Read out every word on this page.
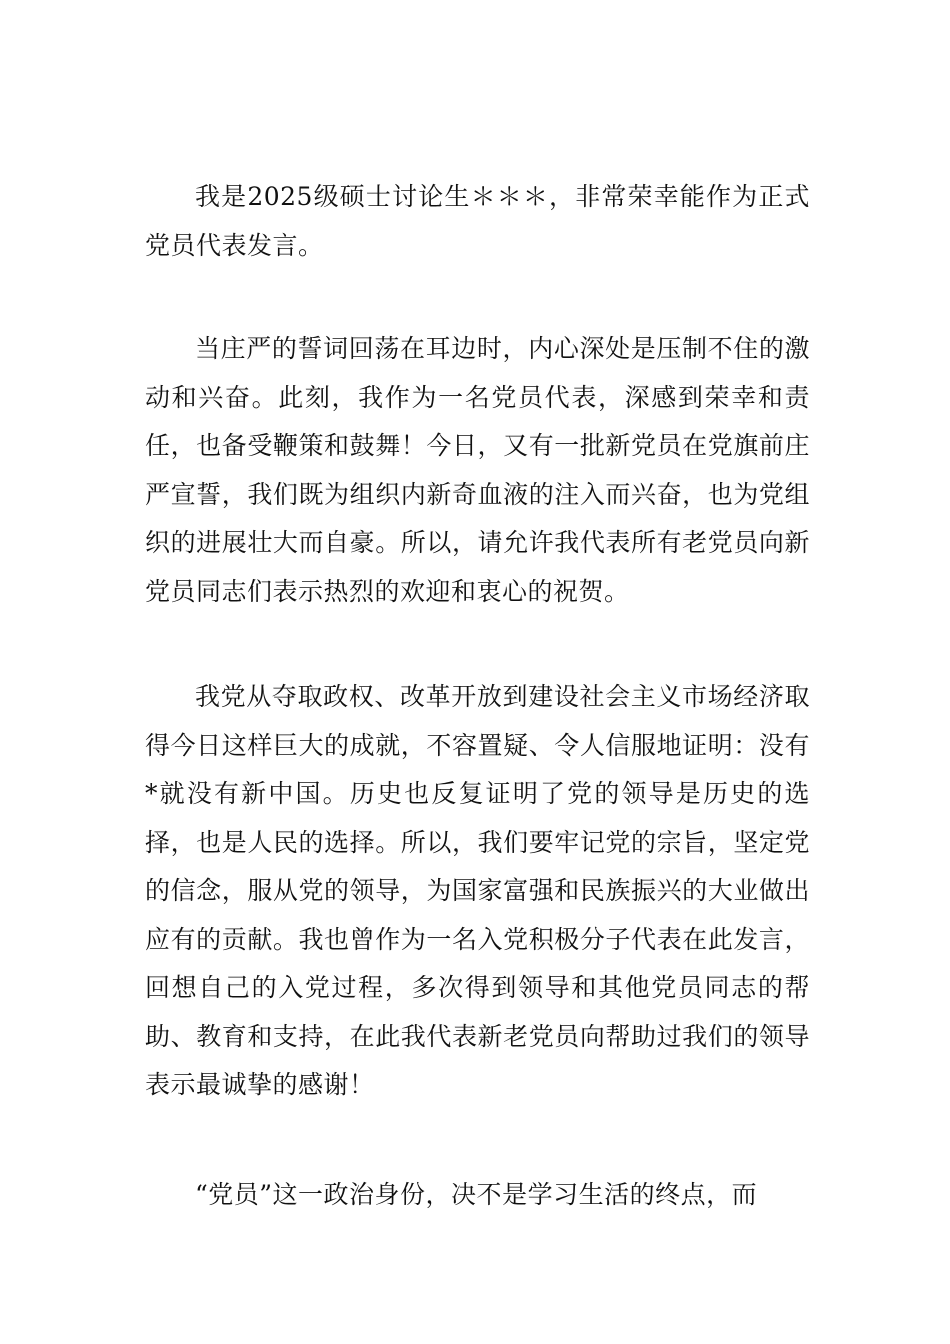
我是2025级硕士讨论生＊＊＊，非常荣幸能作为正式党员代表发言。

当庄严的誓词回荡在耳边时，内心深处是压制不住的激动和兴奋。此刻，我作为一名党员代表，深感到荣幸和责任，也备受鞭策和鼓舞！今日，又有一批新党员在党旗前庄严宣誓，我们既为组织内新奇血液的注入而兴奋，也为党组织的进展壮大而自豪。所以，请允许我代表所有老党员向新党员同志们表示热烈的欢迎和衷心的祝贺。

我党从夺取政权、改革开放到建设社会主义市场经济取得今日这样巨大的成就，不容置疑、令人信服地证明：没有*就没有新中国。历史也反复证明了党的领导是历史的选择，也是人民的选择。所以，我们要牢记党的宗旨，坚定党的信念，服从党的领导，为国家富强和民族振兴的大业做出应有的贡献。我也曾作为一名入党积极分子代表在此发言，回想自己的入党过程，多次得到领导和其他党员同志的帮助、教育和支持，在此我代表新老党员向帮助过我们的领导表示最诚挚的感谢！

“党员”这一政治身份，决不是学习生活的终点，而
